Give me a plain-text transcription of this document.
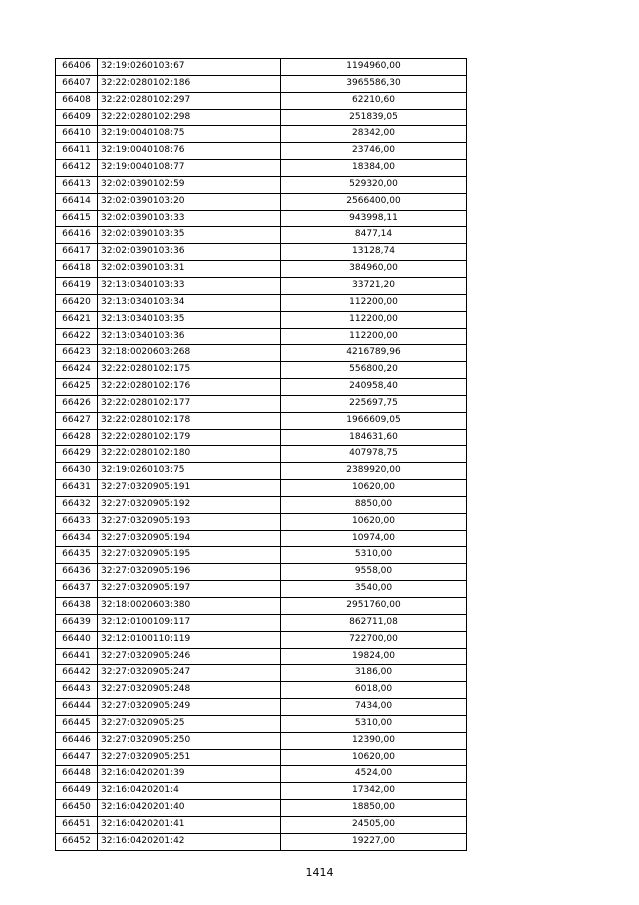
66406	32:19:0260103:67	1194960,00
66407	32:22:0280102:186	3965586,30
66408	32:22:0280102:297	62210,60
66409	32:22:0280102:298	251839,05
66410	32:19:0040108:75	28342,00
66411	32:19:0040108:76	23746,00
66412	32:19:0040108:77	18384,00
66413	32:02:0390102:59	529320,00
66414	32:02:0390103:20	2566400,00
66415	32:02:0390103:33	943998,11
66416	32:02:0390103:35	8477,14
66417	32:02:0390103:36	13128,74
66418	32:02:0390103:31	384960,00
66419	32:13:0340103:33	33721,20
66420	32:13:0340103:34	112200,00
66421	32:13:0340103:35	112200,00
66422	32:13:0340103:36	112200,00
66423	32:18:0020603:268	4216789,96
66424	32:22:0280102:175	556800,20
66425	32:22:0280102:176	240958,40
66426	32:22:0280102:177	225697,75
66427	32:22:0280102:178	1966609,05
66428	32:22:0280102:179	184631,60
66429	32:22:0280102:180	407978,75
66430	32:19:0260103:75	2389920,00
66431	32:27:0320905:191	10620,00
66432	32:27:0320905:192	8850,00
66433	32:27:0320905:193	10620,00
66434	32:27:0320905:194	10974,00
66435	32:27:0320905:195	5310,00
66436	32:27:0320905:196	9558,00
66437	32:27:0320905:197	3540,00
66438	32:18:0020603:380	2951760,00
66439	32:12:0100109:117	862711,08
66440	32:12:0100110:119	722700,00
66441	32:27:0320905:246	19824,00
66442	32:27:0320905:247	3186,00
66443	32:27:0320905:248	6018,00
66444	32:27:0320905:249	7434,00
66445	32:27:0320905:25	5310,00
66446	32:27:0320905:250	12390,00
66447	32:27:0320905:251	10620,00
66448	32:16:0420201:39	4524,00
66449	32:16:0420201:4	17342,00
66450	32:16:0420201:40	18850,00
66451	32:16:0420201:41	24505,00
66452	32:16:0420201:42	19227,00
1414
